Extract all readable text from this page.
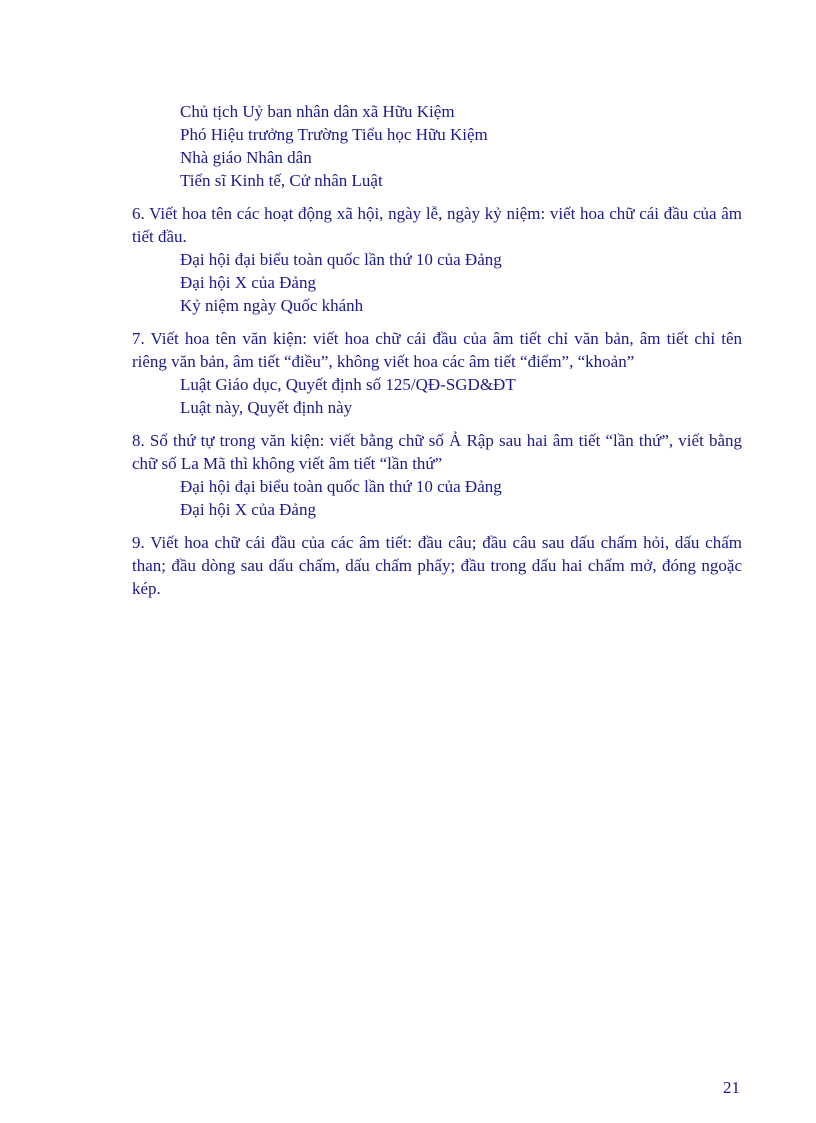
Chủ tịch Uỷ ban nhân dân xã Hữu Kiệm

Phó Hiệu trưởng Trường Tiểu học Hữu Kiệm

Nhà giáo Nhân dân

Tiến sĩ Kinh tế, Cử nhân Luật

6. Viết hoa tên các hoạt động xã hội, ngày lễ, ngày kỷ niệm: viết hoa chữ cái đầu của âm tiết đầu.

Đại hội đại biểu toàn quốc lần thứ 10 của Đảng

Đại hội X của Đảng

Kỷ niệm ngày Quốc khánh

7. Viết hoa tên văn kiện: viết hoa chữ cái đầu của âm tiết chỉ văn bản, âm tiết chỉ tên riêng văn bản, âm tiết “điều”, không viết hoa các âm tiết “điểm”, “khoản”

Luật Giáo dục, Quyết định số 125/QĐ-SGD&ĐT

Luật này, Quyết định này

8. Số thứ tự trong văn kiện: viết bằng chữ số Ả Rập sau hai âm tiết “lần thứ”, viết bằng chữ số La Mã thì không viết âm tiết “lần thứ”

Đại hội đại biểu toàn quốc lần thứ 10 của Đảng

Đại hội X của Đảng

9. Viết hoa chữ cái đầu của các âm tiết: đầu câu; đầu câu sau dấu chấm hỏi, dấu chấm than; đầu dòng sau dấu chấm, dấu chấm phẩy; đầu trong dấu hai chấm mở, đóng ngoặc kép.

21
